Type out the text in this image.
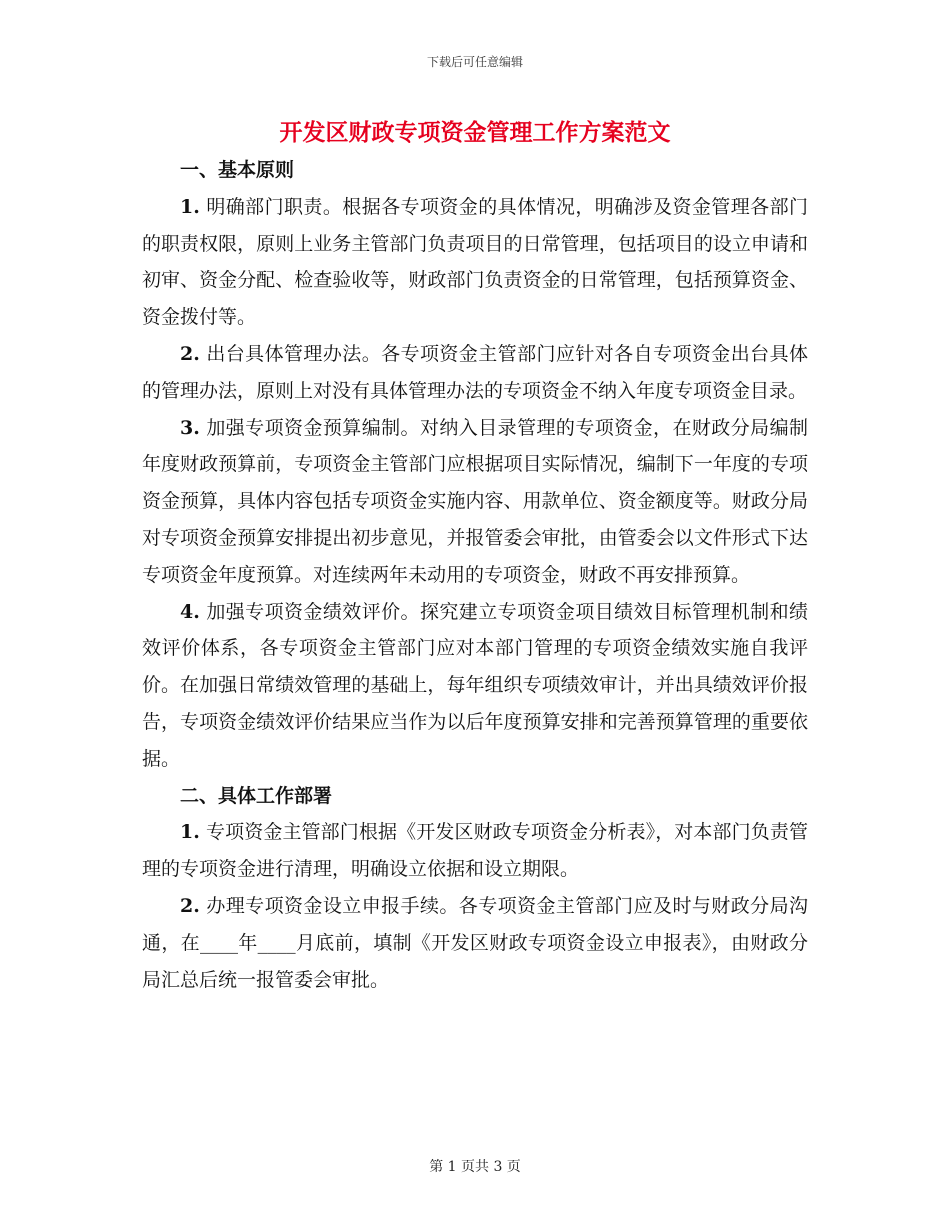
下载后可任意编辑
开发区财政专项资金管理工作方案范文
一、基本原则

1. 明确部门职责。根据各专项资金的具体情况，明确涉及资金管理各部门的职责权限，原则上业务主管部门负责项目的日常管理，包括项目的设立申请和初审、资金分配、检查验收等，财政部门负责资金的日常管理，包括预算资金、资金拨付等。

2. 出台具体管理办法。各专项资金主管部门应针对各自专项资金出台具体的管理办法，原则上对没有具体管理办法的专项资金不纳入年度专项资金目录。

3. 加强专项资金预算编制。对纳入目录管理的专项资金，在财政分局编制年度财政预算前，专项资金主管部门应根据项目实际情况，编制下一年度的专项资金预算，具体内容包括专项资金实施内容、用款单位、资金额度等。财政分局对专项资金预算安排提出初步意见，并报管委会审批，由管委会以文件形式下达专项资金年度预算。对连续两年未动用的专项资金，财政不再安排预算。

4. 加强专项资金绩效评价。探究建立专项资金项目绩效目标管理机制和绩效评价体系，各专项资金主管部门应对本部门管理的专项资金绩效实施自我评价。在加强日常绩效管理的基础上，每年组织专项绩效审计，并出具绩效评价报告，专项资金绩效评价结果应当作为以后年度预算安排和完善预算管理的重要依据。

二、具体工作部署

1. 专项资金主管部门根据《开发区财政专项资金分析表》，对本部门负责管理的专项资金进行清理，明确设立依据和设立期限。

2. 办理专项资金设立申报手续。各专项资金主管部门应及时与财政分局沟通，在____年____月底前，填制《开发区财政专项资金设立申报表》，由财政分局汇总后统一报管委会审批。

第 1 页共 3 页
